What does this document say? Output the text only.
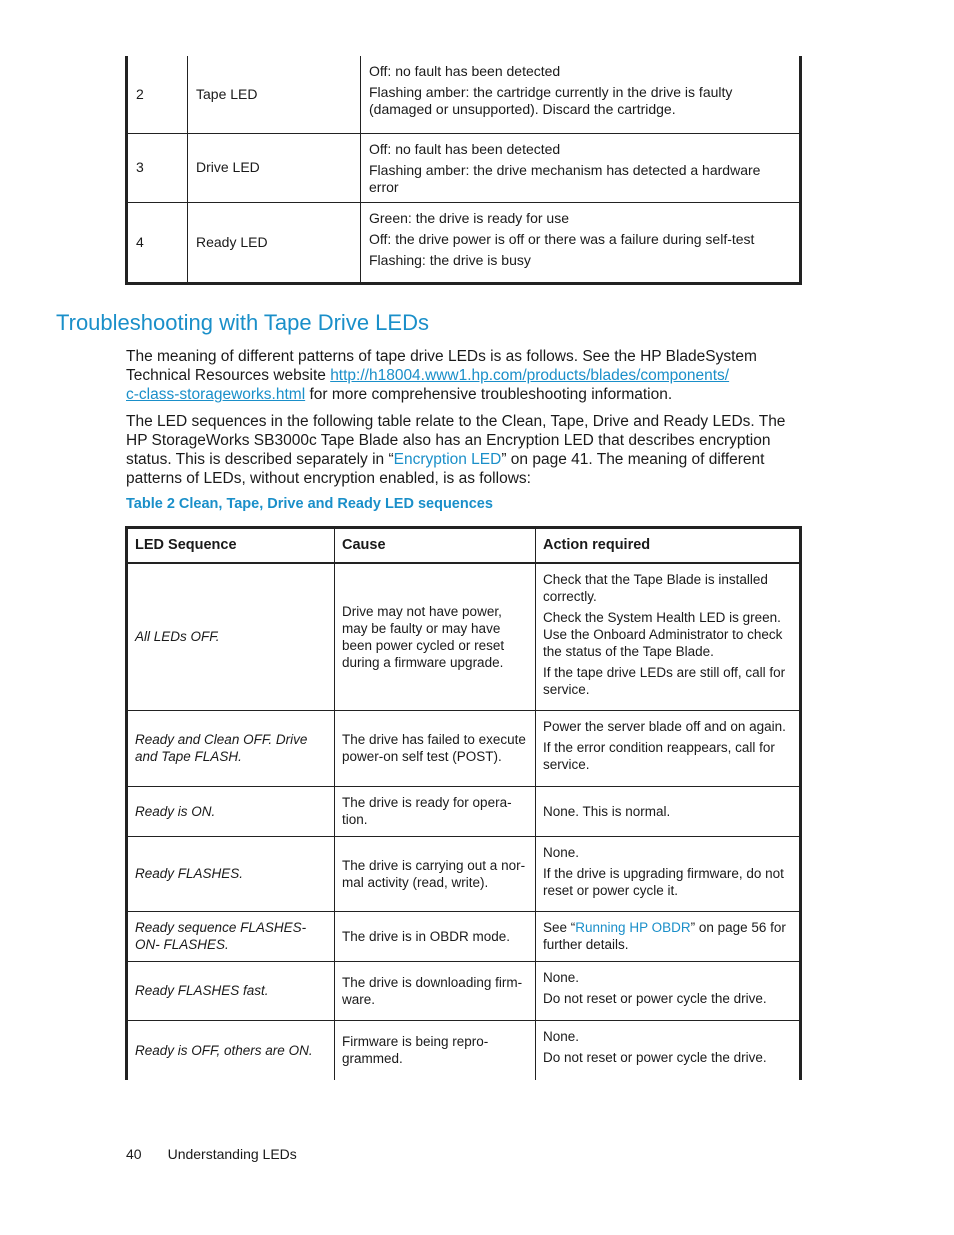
2	Tape LED	Off: no fault has been detected
Flashing amber: the cartridge currently in the drive is faulty (damaged or unsupported). Discard the cartridge.

3	Drive LED	Off: no fault has been detected
Flashing amber: the drive mechanism has detected a hardware error

4	Ready LED	Green: the drive is ready for use
Off: the drive power is off or there was a failure during self-test
Flashing: the drive is busy
Troubleshooting with Tape Drive LEDs

The meaning of different patterns of tape drive LEDs is as follows. See the HP BladeSystem Technical Resources website http://h18004.www1.hp.com/products/blades/components/
c-class-storageworks.html for more comprehensive troubleshooting information.

The LED sequences in the following table relate to the Clean, Tape, Drive and Ready LEDs. The HP StorageWorks SB3000c Tape Blade also has an Encryption LED that describes encryption status. This is described separately in “Encryption LED” on page 41. The meaning of different patterns of LEDs, without encryption enabled, is as follows:

Table 2 Clean, Tape, Drive and Ready LED sequences

LED Sequence	Cause	Action required
All LEDs OFF.	Drive may not have power, may be faulty or may have been power cycled or reset during a firmware upgrade.	Check that the Tape Blade is installed correctly.
Check the System Health LED is green. Use the Onboard Administrator to check the status of the Tape Blade.
If the tape drive LEDs are still off, call for service.

Ready and Clean OFF. Drive and Tape FLASH.	The drive has failed to execute power-on self test (POST).	Power the server blade off and on again.
If the error condition reappears, call for service.

Ready is ON.	The drive is ready for opera-tion.	None. This is normal.
Ready FLASHES.	The drive is carrying out a nor-mal activity (read, write).	None.
If the drive is upgrading firmware, do not reset or power cycle it.

Ready sequence FLASHES- ON- FLASHES.	The drive is in OBDR mode.	See “Running HP OBDR” on page 56 for further details.
Ready FLASHES fast.	The drive is downloading firm-ware.	None.
Do not reset or power cycle the drive.

Ready is OFF, others are ON.	Firmware is being repro-grammed.	None.
Do not reset or power cycle the drive.
40 Understanding LEDs
